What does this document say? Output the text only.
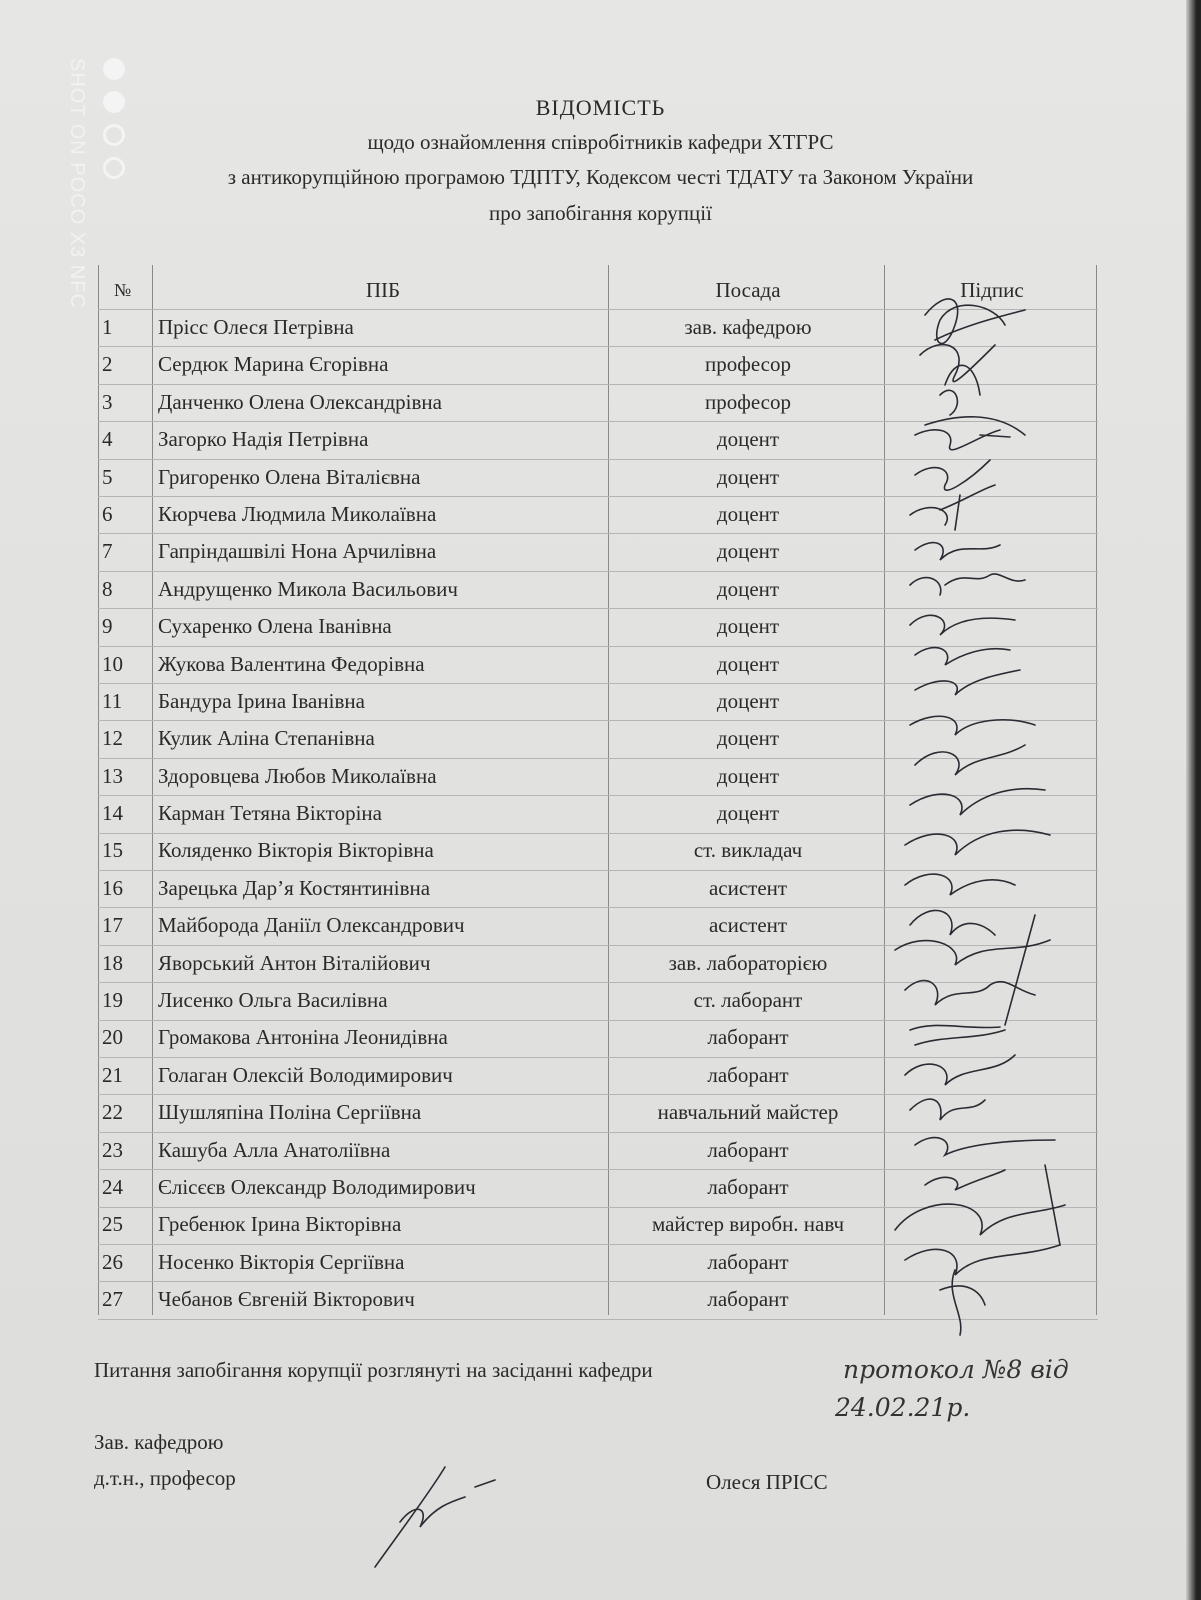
SHOT ON POCO X3 NFC	ВІДОМІСТЬ
щодо ознайомлення співробітників кафедри ХТГРС
з антикорупційною програмою ТДПТУ, Кодексом честі ТДАТУ та Законом України
про запобігання корупції
№	ПІБ	Посада	Підпис
1	Прісс Олеся Петрівна	зав. кафедрою
2	Сердюк Марина Єгорівна	професор
3	Данченко Олена Олександрівна	професор
4	Загорко Надія Петрівна	доцент
5	Григоренко Олена Віталієвна	доцент
6	Кюрчева Людмила Миколаївна	доцент
7	Гапріндашвілі Нона Арчилівна	доцент
8	Андрущенко Микола Васильович	доцент
9	Сухаренко Олена Іванівна	доцент
10	Жукова Валентина Федорівна	доцент
11	Бандура Ірина Іванівна	доцент
12	Кулик Аліна Степанівна	доцент
13	Здоровцева Любов Миколаївна	доцент
14	Карман Тетяна Вікторіна	доцент
15	Коляденко Вікторія Вікторівна	ст. викладач
16	Зарецька Дар’я Костянтинівна	асистент
17	Майборода Даніїл Олександрович	асистент
18	Яворський Антон Віталійович	зав. лабораторією
19	Лисенко Ольга Василівна	ст. лаборант
20	Громакова Антоніна Леонидівна	лаборант
21	Голаган Олексій Володимирович	лаборант
22	Шушляпіна Поліна Сергіївна	навчальний майстер
23	Кашуба Алла Анатоліївна	лаборант
24	Єлісєєв Олександр Володимирович	лаборант
25	Гребенюк Ірина Вікторівна	майстер виробн. навч
26	Носенко Вікторія Сергіївна	лаборант
27	Чебанов Євгеній Вікторович	лаборант
Питання запобігання корупції розглянуті на засіданні кафедри	протокол №8 від
24.02.21р.
Зав. кафедрою
д.т.н., професор	Олеся ПРІСС
